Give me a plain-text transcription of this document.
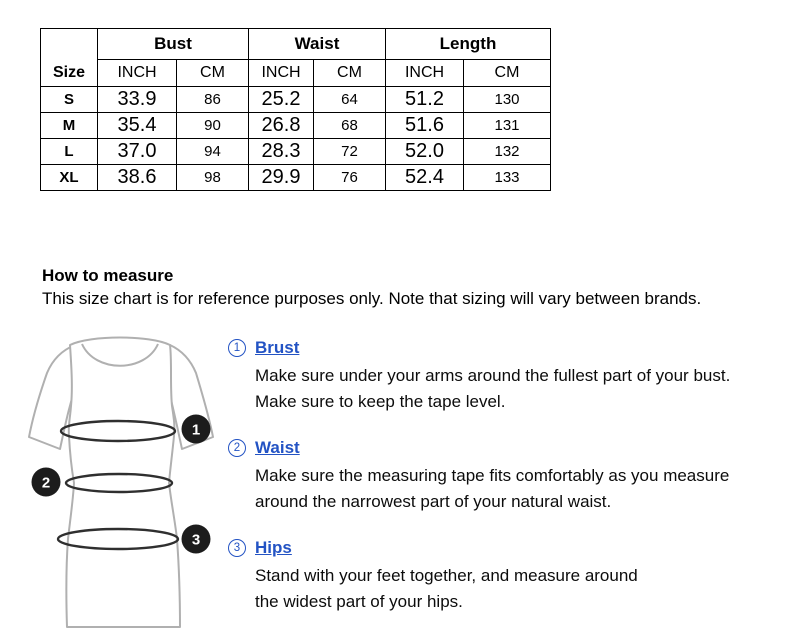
Size	Bust		Waist		Length	
	INCH	CM	INCH	CM	INCH	CM
S	33.9	86	25.2	64	51.2	130
M	35.4	90	26.8	68	51.6	131
L	37.0	94	28.3	72	52.0	132
XL	38.6	98	29.9	76	52.4	133
How to measure
This size chart is for reference purposes only. Note that sizing will vary between brands.
1
2
3
1 Brust
Make sure under your arms around the fullest part of your bust.
Make sure to keep the tape level.
2 Waist
Make sure the measuring tape fits comfortably as you measure
around the narrowest part of your natural waist.
3 Hips
Stand with your feet together, and measure around
the widest part of your hips.
